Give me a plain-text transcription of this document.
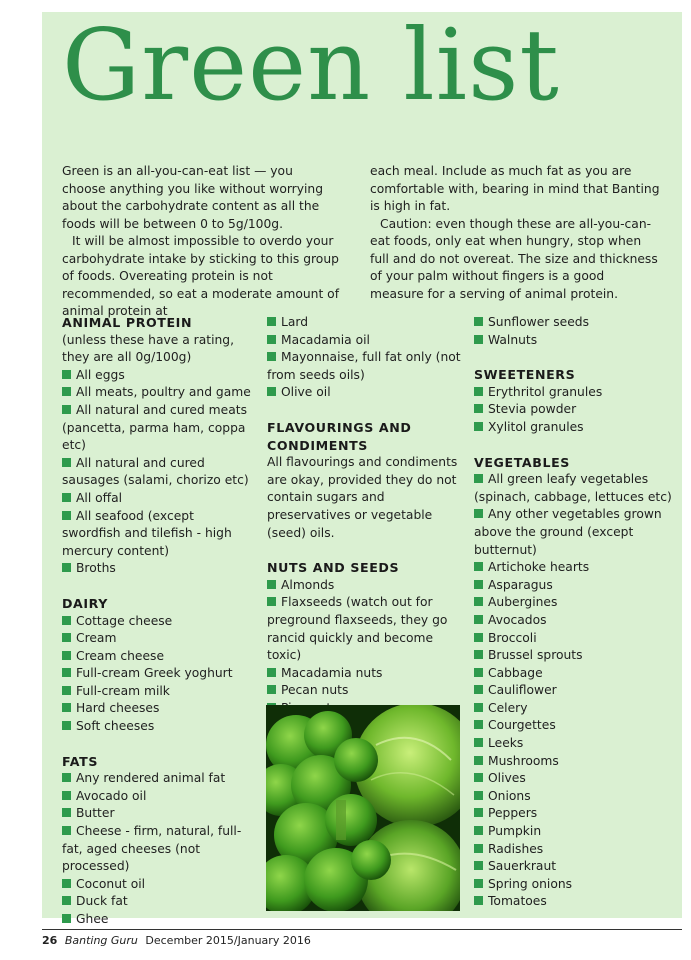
Green list

Green is an all-you-can-eat list — you choose anything you like without worrying about the carbohydrate content as all the foods will be between 0 to 5g/100g.

It will be almost impossible to overdo your carbohydrate intake by sticking to this group of foods. Overeating protein is not recommended, so eat a moderate amount of animal protein at

each meal. Include as much fat as you are comfortable with, bearing in mind that Banting is high in fat.

Caution: even though these are all-you-can-eat foods, only eat when hungry, stop when full and do not overeat. The size and thickness of your palm without fingers is a good measure for a serving of animal protein.

ANIMAL PROTEIN

(unless these have a rating, they are all 0g/100g)

All eggs
All meats, poultry and game
All natural and cured meats (pancetta, parma ham, coppa etc)
All natural and cured sausages (salami, chorizo etc)
All offal
All seafood (except swordfish and tilefish - high mercury content)
Broths
DAIRY
Cottage cheese
Cream
Cream cheese
Full-cream Greek yoghurt
Full-cream milk
Hard cheeses
Soft cheeses
FATS
Any rendered animal fat
Avocado oil
Butter
Cheese - firm, natural, full-fat, aged cheeses (not processed)
Coconut oil
Duck fat
Ghee
Lard
Macadamia oil
Mayonnaise, full fat only (not from seeds oils)
Olive oil
FLAVOURINGS AND CONDIMENTS

All flavourings and condiments are okay, provided they do not contain sugars and preservatives or vegetable (seed) oils.

NUTS AND SEEDS
Almonds
Flaxseeds (watch out for preground flaxseeds, they go rancid quickly and become toxic)
Macadamia nuts
Pecan nuts
Sunflower seeds
Walnuts
SWEETENERS
Erythritol granules
Stevia powder
Xylitol granules
VEGETABLES
All green leafy vegetables (spinach, cabbage, lettuces etc)
Any other vegetables grown above the ground (except butternut)
Artichoke hearts
Asparagus
Aubergines
Avocados
Broccoli
Brussel sprouts
Cabbage
Cauliflower
Celery
Courgettes
Leeks
Mushrooms
Olives
Onions
Peppers
Pumpkin
Radishes
Sauerkraut
Spring onions
Tomatoes
26 Banting Guru December 2015/January 2016
